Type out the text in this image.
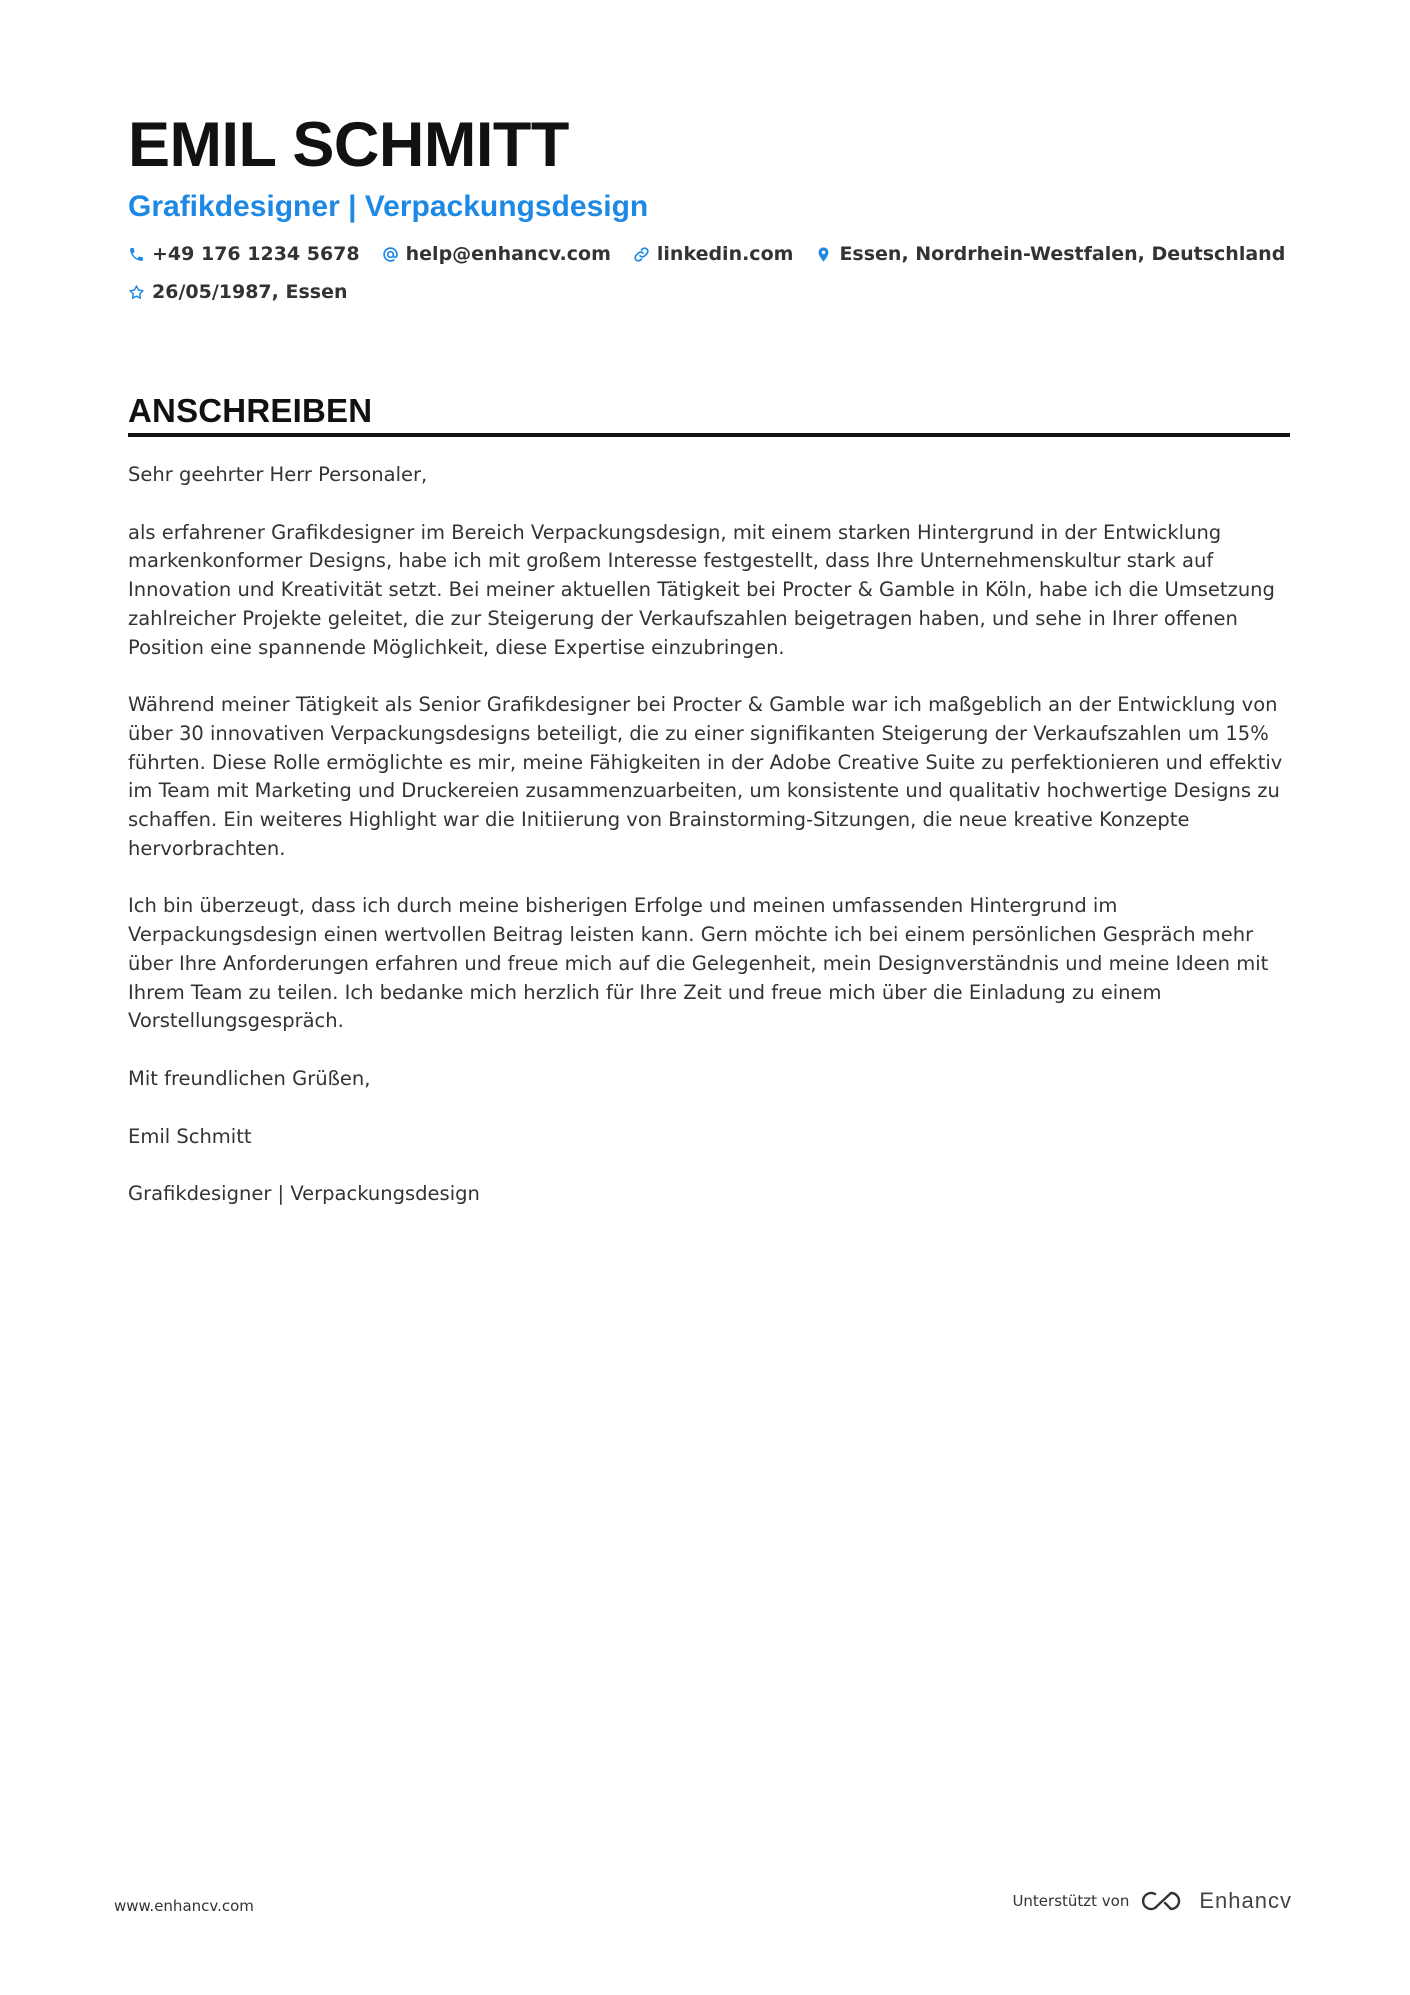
EMIL SCHMITT
Grafikdesigner | Verpackungsdesign
+49 176 1234 5678 help@enhancv.com linkedin.com Essen, Nordrhein-Westfalen, Deutschland
26/05/1987, Essen
ANSCHREIBEN

Sehr geehrter Herr Personaler,

als erfahrener Grafikdesigner im Bereich Verpackungsdesign, mit einem starken Hintergrund in der Entwicklung markenkonformer Designs, habe ich mit großem Interesse festgestellt, dass Ihre Unternehmenskultur stark auf Innovation und Kreativität setzt. Bei meiner aktuellen Tätigkeit bei Procter & Gamble in Köln, habe ich die Umsetzung zahlreicher Projekte geleitet, die zur Steigerung der Verkaufszahlen beigetragen haben, und sehe in Ihrer offenen Position eine spannende Möglichkeit, diese Expertise einzubringen.

Während meiner Tätigkeit als Senior Grafikdesigner bei Procter & Gamble war ich maßgeblich an der Entwicklung von über 30 innovativen Verpackungsdesigns beteiligt, die zu einer signifikanten Steigerung der Verkaufszahlen um 15% führten. Diese Rolle ermöglichte es mir, meine Fähigkeiten in der Adobe Creative Suite zu perfektionieren und effektiv im Team mit Marketing und Druckereien zusammenzuarbeiten, um konsistente und qualitativ hochwertige Designs zu schaffen. Ein weiteres Highlight war die Initiierung von Brainstorming-Sitzungen, die neue kreative Konzepte hervorbrachten.

Ich bin überzeugt, dass ich durch meine bisherigen Erfolge und meinen umfassenden Hintergrund im Verpackungsdesign einen wertvollen Beitrag leisten kann. Gern möchte ich bei einem persönlichen Gespräch mehr über Ihre Anforderungen erfahren und freue mich auf die Gelegenheit, mein Designverständnis und meine Ideen mit Ihrem Team zu teilen. Ich bedanke mich herzlich für Ihre Zeit und freue mich über die Einladung zu einem Vorstellungsgespräch.

Mit freundlichen Grüßen,

Emil Schmitt

Grafikdesigner | Verpackungsdesign

www.enhancv.com	Unterstützt von	Enhancv
